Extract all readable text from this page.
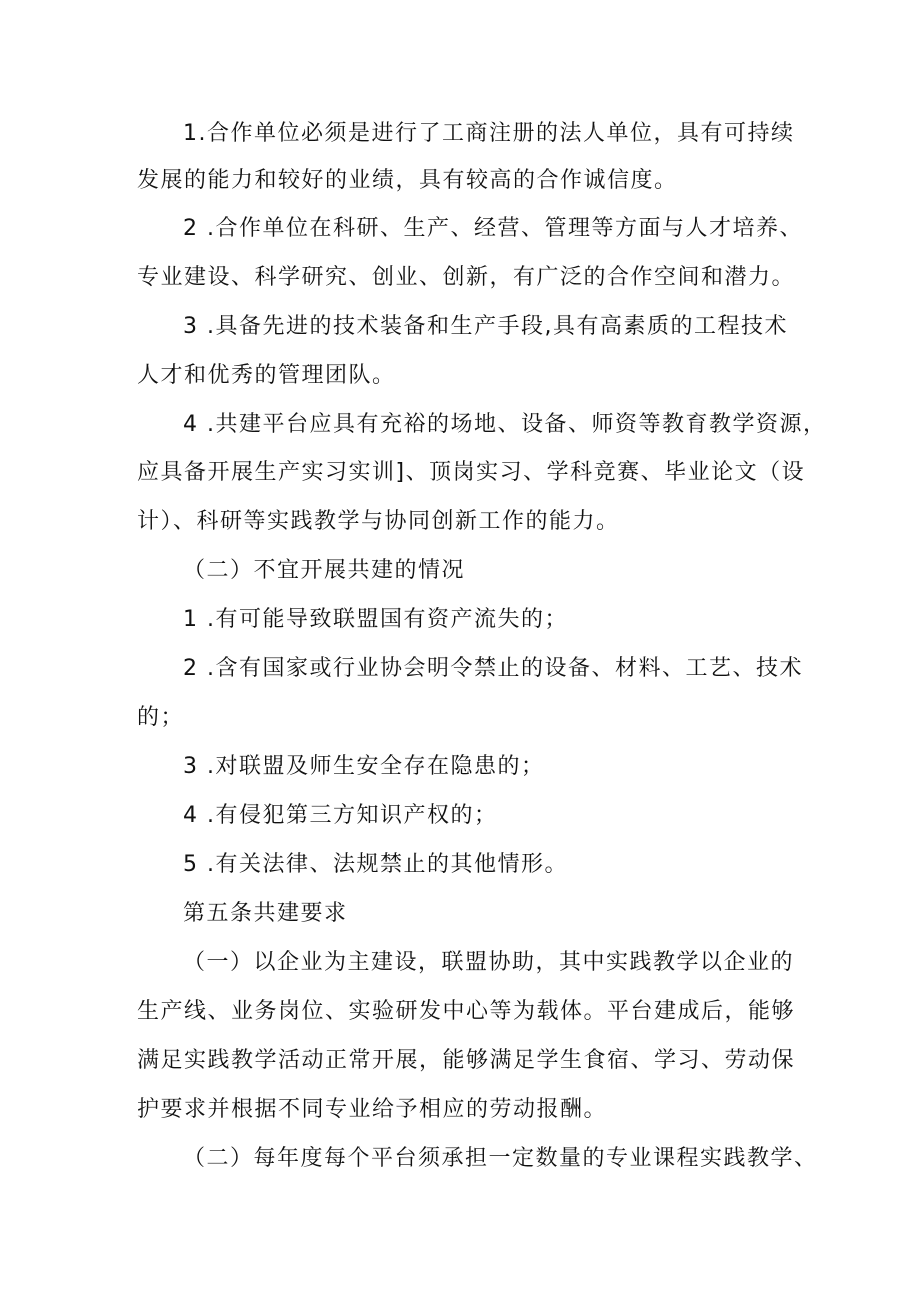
1.合作单位必须是进行了工商注册的法人单位，具有可持续
发展的能力和较好的业绩，具有较高的合作诚信度。
2 .合作单位在科研、生产、经营、管理等方面与人才培养、
专业建设、科学研究、创业、创新，有广泛的合作空间和潜力。
3 .具备先进的技术装备和生产手段,具有高素质的工程技术
人才和优秀的管理团队。
4 .共建平台应具有充裕的场地、设备、师资等教育教学资源，
应具备开展生产实习实训]、顶岗实习、学科竞赛、毕业论文（设
计）、科研等实践教学与协同创新工作的能力。
（二）不宜开展共建的情况
1 .有可能导致联盟国有资产流失的；
2 .含有国家或行业协会明令禁止的设备、材料、工艺、技术
的；
3 .对联盟及师生安全存在隐患的；
4 .有侵犯第三方知识产权的；
5 .有关法律、法规禁止的其他情形。
第五条共建要求
（一）以企业为主建设，联盟协助，其中实践教学以企业的
生产线、业务岗位、实验研发中心等为载体。平台建成后，能够
满足实践教学活动正常开展，能够满足学生食宿、学习、劳动保
护要求并根据不同专业给予相应的劳动报酬。
（二）每年度每个平台须承担一定数量的专业课程实践教学、
